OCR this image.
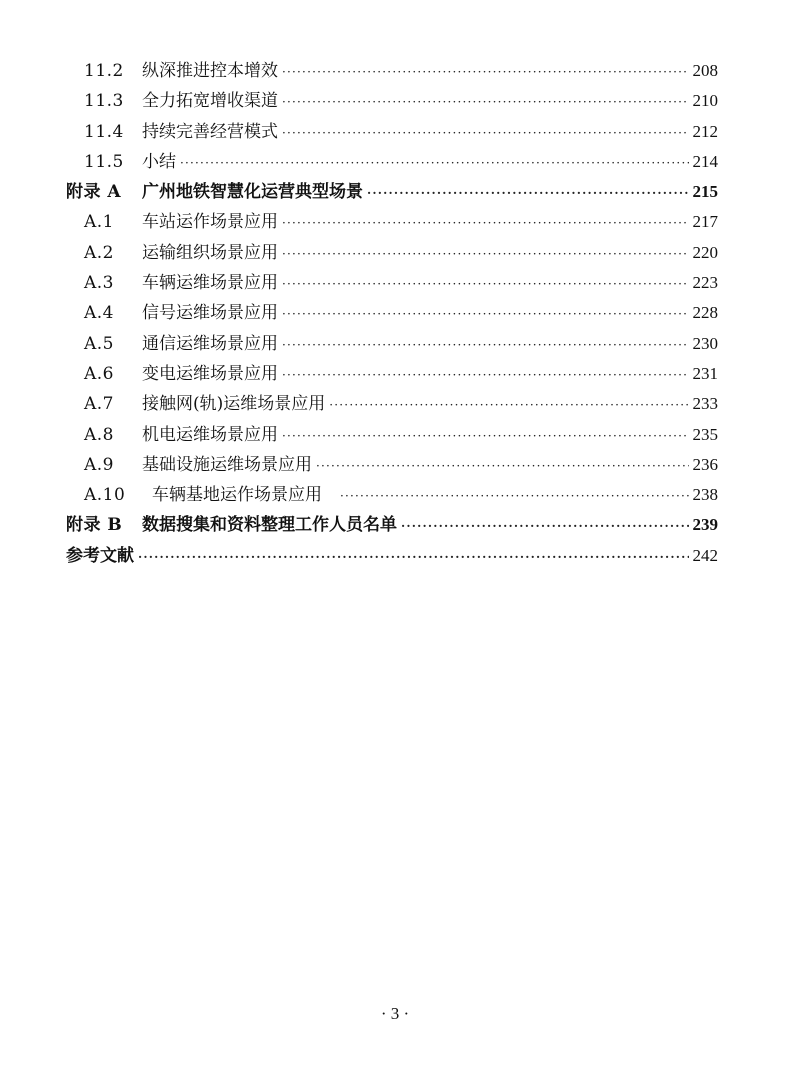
11.2	纵深推进控本增效 ·····	208
11.3	全力拓宽增收渠道 ·····	210
11.4	持续完善经营模式 ·····	212
11.5	小结 ·····	214
附录 A	广州地铁智慧化运营典型场景 ·····	215
A.1	车站运作场景应用 ·····	217
A.2	运输组织场景应用 ·····	220
A.3	车辆运维场景应用 ·····	223
A.4	信号运维场景应用 ·····	228
A.5	通信运维场景应用 ·····	230
A.6	变电运维场景应用 ·····	231
A.7	接触网(轨)运维场景应用 ·····	233
A.8	机电运维场景应用 ·····	235
A.9	基础设施运维场景应用 ·····	236
A.10	车辆基地运作场景应用 ·····	238
附录 B	数据搜集和资料整理工作人员名单 ·····	239
参考文献 ·····	242
· 3 ·
